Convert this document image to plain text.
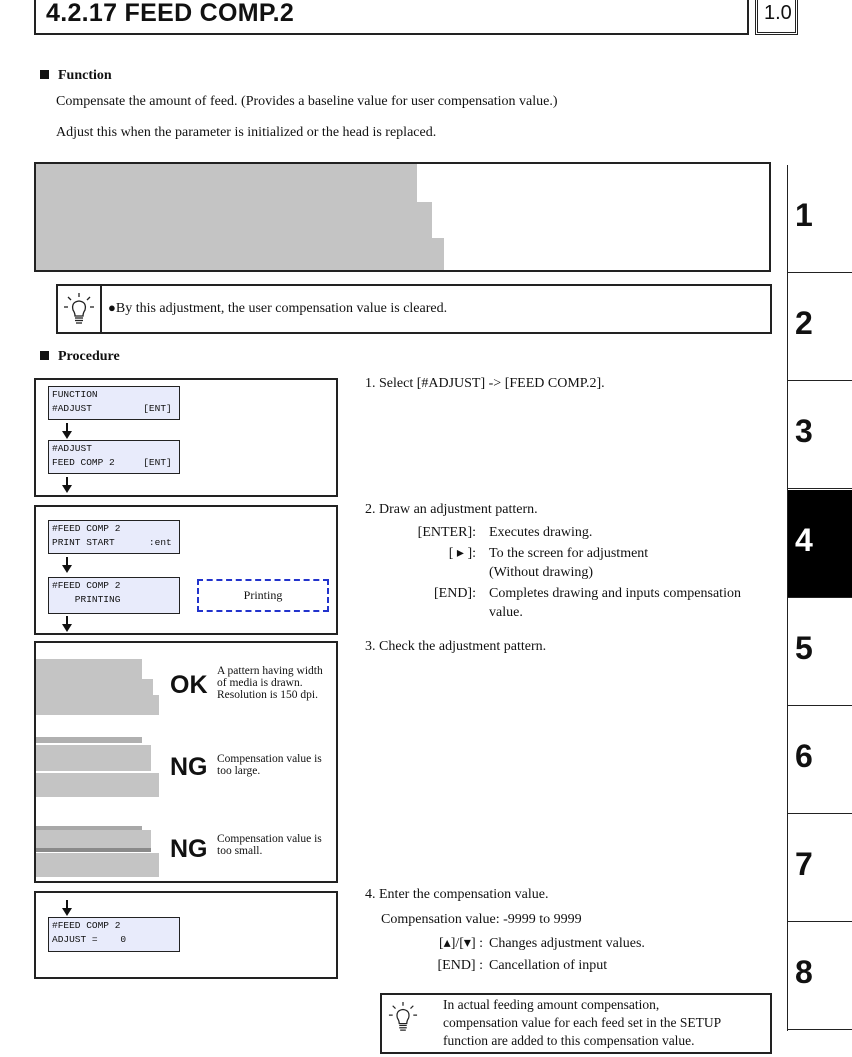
4.2.17 FEED COMP.2	1.0
Function
Compensate the amount of feed. (Provides a baseline value for user compensation value.)
Adjust this when the parameter is initialized or the head is replaced.
●By this adjustment, the user compensation value is cleared.
Procedure
FUNCTION
#ADJUST         [ENT]
#ADJUST
FEED COMP 2     [ENT]
#FEED COMP 2
PRINT START      :ent
#FEED COMP 2
PRINTING	Printing
OK A pattern having width of media is drawn. Resolution is 150 dpi.
NG Compensation value is too large.
NG Compensation value is too small.
#FEED COMP 2
ADJUST =    0
1. Select [#ADJUST] -> [FEED COMP.2].
2. Draw an adjustment pattern.
[ENTER]: Executes drawing.
[ ▸ ]: To the screen for adjustment
(Without drawing)
[END]: Completes drawing and inputs compensation
value.
3. Check the adjustment pattern.
4. Enter the compensation value.
Compensation value: -9999 to 9999
[▴]/[▾] : Changes adjustment values.
[END] : Cancellation of input
In actual feeding amount compensation,
compensation value for each feed set in the SETUP
function are added to this compensation value.
1
2
3
4
5
6
7
8
